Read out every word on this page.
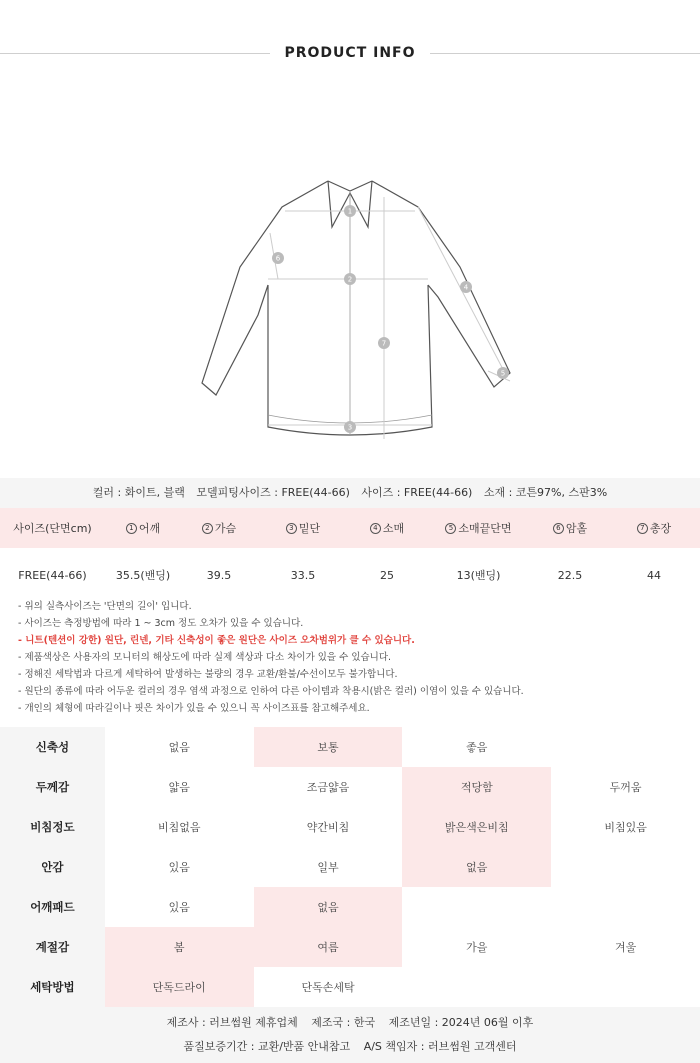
PRODUCT INFO
1
2
3
4
5
6
7
컬러 : 화이트, 블랙 모델피팅사이즈 : FREE(44-66) 사이즈 : FREE(44-66) 소재 : 코튼97%, 스판3%
사이즈(단면cm)	1 어깨	2 가슴	3 밑단	4 소매	5 소매끝단면	6 암홀	7 총장
FREE(44-66)	35.5(밴딩)	39.5	33.5	25	13(밴딩)	22.5	44
- 위의 실측사이즈는 '단면의 길이' 입니다.
- 사이즈는 측정방법에 따라 1 ~ 3cm 정도 오차가 있을 수 있습니다.
- 니트(텐션이 강한) 원단, 린넨, 기타 신축성이 좋은 원단은 사이즈 오차범위가 클 수 있습니다.
- 제품색상은 사용자의 모니터의 해상도에 따라 실제 색상과 다소 차이가 있을 수 있습니다.
- 정해진 세탁법과 다르게 세탁하여 발생하는 불량의 경우 교환/환불/수선이모두 불가합니다.
- 원단의 종류에 따라 어두운 컬러의 경우 염색 과정으로 인하여 다른 아이템과 착용시(밝은 컬러) 이염이 있을 수 있습니다.
- 개인의 체형에 따라길이나 핏은 차이가 있을 수 있으니 꼭 사이즈표를 참고해주세요.
신축성	없음	보통	좋음
두께감	얇음	조금얇음	적당함	두꺼움
비침정도	비침없음	약간비침	밝은색은비침	비침있음
안감	있음	일부	없음
어깨패드	있음	없음
계절감	봄	여름	가을	겨울
세탁방법	단독드라이	단독손세탁
제조사 : 러브썸원 제휴업체 제조국 : 한국 제조년일 : 2024년 06월 이후
품질보증기간 : 교환/반품 안내참고 A/S 책임자 : 러브썸원 고객센터
